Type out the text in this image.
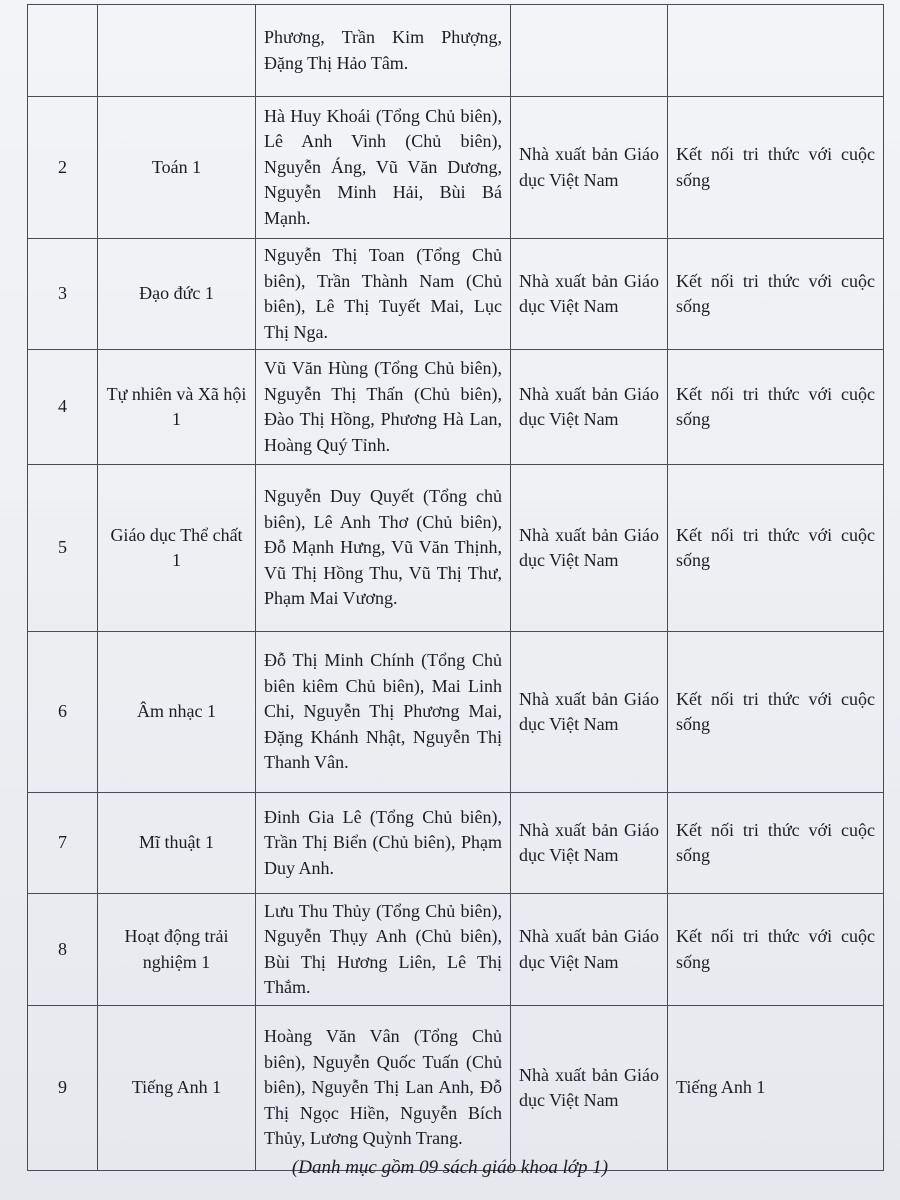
		Phương, Trần Kim Phượng, Đặng Thị Hảo Tâm.		
2	Toán 1	Hà Huy Khoái (Tổng Chủ biên), Lê Anh Vinh (Chủ biên), Nguyễn Áng, Vũ Văn Dương, Nguyễn Minh Hải, Bùi Bá Mạnh.	Nhà xuất bản Giáo dục Việt Nam	Kết nối tri thức với cuộc sống
3	Đạo đức 1	Nguyễn Thị Toan (Tổng Chủ biên), Trần Thành Nam (Chủ biên), Lê Thị Tuyết Mai, Lục Thị Nga.	Nhà xuất bản Giáo dục Việt Nam	Kết nối tri thức với cuộc sống
4	Tự nhiên và Xã hội 1	Vũ Văn Hùng (Tổng Chủ biên), Nguyễn Thị Thấn (Chủ biên), Đào Thị Hồng, Phương Hà Lan, Hoàng Quý Tỉnh.	Nhà xuất bản Giáo dục Việt Nam	Kết nối tri thức với cuộc sống
5	Giáo dục Thể chất 1	Nguyễn Duy Quyết (Tổng chủ biên), Lê Anh Thơ (Chủ biên), Đỗ Mạnh Hưng, Vũ Văn Thịnh, Vũ Thị Hồng Thu, Vũ Thị Thư, Phạm Mai Vương.	Nhà xuất bản Giáo dục Việt Nam	Kết nối tri thức với cuộc sống
6	Âm nhạc 1	Đỗ Thị Minh Chính (Tổng Chủ biên kiêm Chủ biên), Mai Linh Chi, Nguyễn Thị Phương Mai, Đặng Khánh Nhật, Nguyễn Thị Thanh Vân.	Nhà xuất bản Giáo dục Việt Nam	Kết nối tri thức với cuộc sống
7	Mĩ thuật 1	Đinh Gia Lê (Tổng Chủ biên), Trần Thị Biển (Chủ biên), Phạm Duy Anh.	Nhà xuất bản Giáo dục Việt Nam	Kết nối tri thức với cuộc sống
8	Hoạt động trải nghiệm 1	Lưu Thu Thủy (Tổng Chủ biên), Nguyễn Thụy Anh (Chủ biên), Bùi Thị Hương Liên, Lê Thị Thắm.	Nhà xuất bản Giáo dục Việt Nam	Kết nối tri thức với cuộc sống
9	Tiếng Anh 1	Hoàng Văn Vân (Tổng Chủ biên), Nguyễn Quốc Tuấn (Chủ biên), Nguyễn Thị Lan Anh, Đỗ Thị Ngọc Hiền, Nguyễn Bích Thủy, Lương Quỳnh Trang.	Nhà xuất bản Giáo dục Việt Nam	Tiếng Anh 1
(Danh mục gồm 09 sách giáo khoa lớp 1)
